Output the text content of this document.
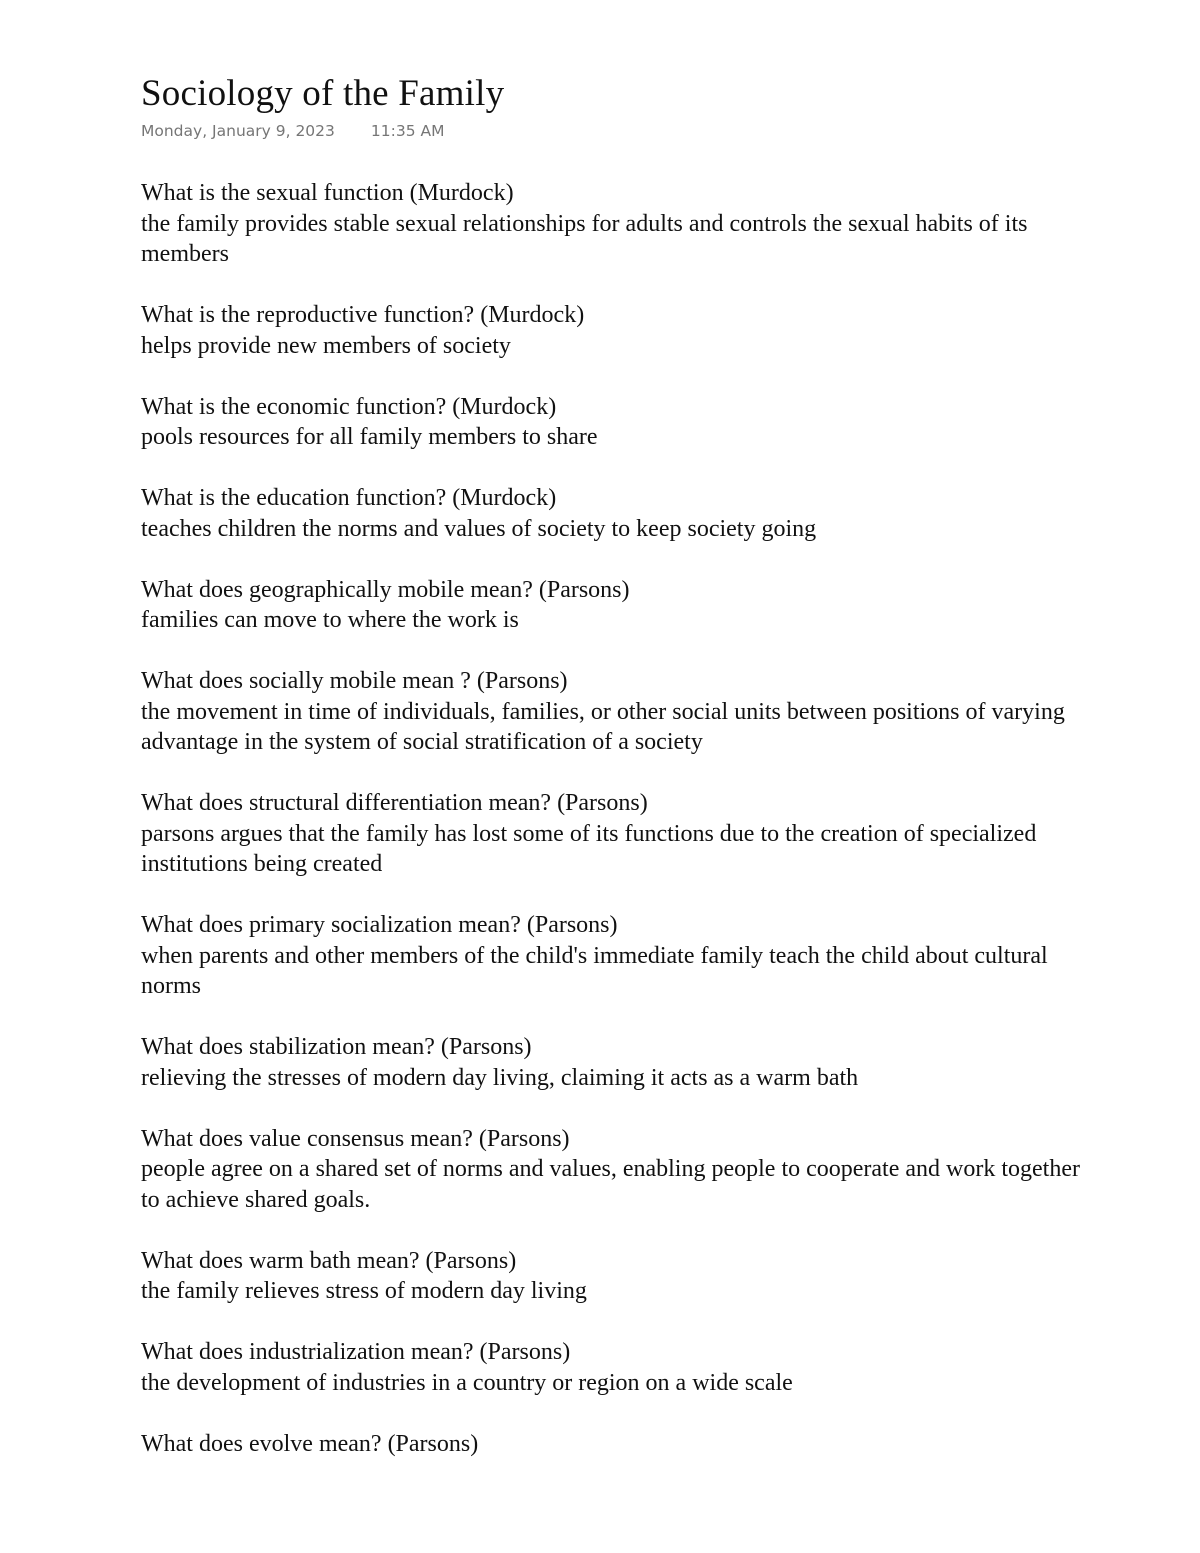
Sociology of the Family
Monday, January 9, 2023 11:35 AM

What is the sexual function (Murdock)

the family provides stable sexual relationships for adults and controls the sexual habits of its members

What is the reproductive function? (Murdock)

helps provide new members of society

What is the economic function? (Murdock)

pools resources for all family members to share

What is the education function? (Murdock)

teaches children the norms and values of society to keep society going

What does geographically mobile mean? (Parsons)

families can move to where the work is

What does socially mobile mean ? (Parsons)

the movement in time of individuals, families, or other social units between positions of varying advantage in the system of social stratification of a society

What does structural differentiation mean? (Parsons)

parsons argues that the family has lost some of its functions due to the creation of specialized institutions being created

What does primary socialization mean? (Parsons)

when parents and other members of the child's immediate family teach the child about cultural norms

What does stabilization mean? (Parsons)

relieving the stresses of modern day living, claiming it acts as a warm bath

What does value consensus mean? (Parsons)

people agree on a shared set of norms and values, enabling people to cooperate and work together to achieve shared goals.

What does warm bath mean? (Parsons)

the family relieves stress of modern day living

What does industrialization mean? (Parsons)

the development of industries in a country or region on a wide scale

What does evolve mean? (Parsons)
